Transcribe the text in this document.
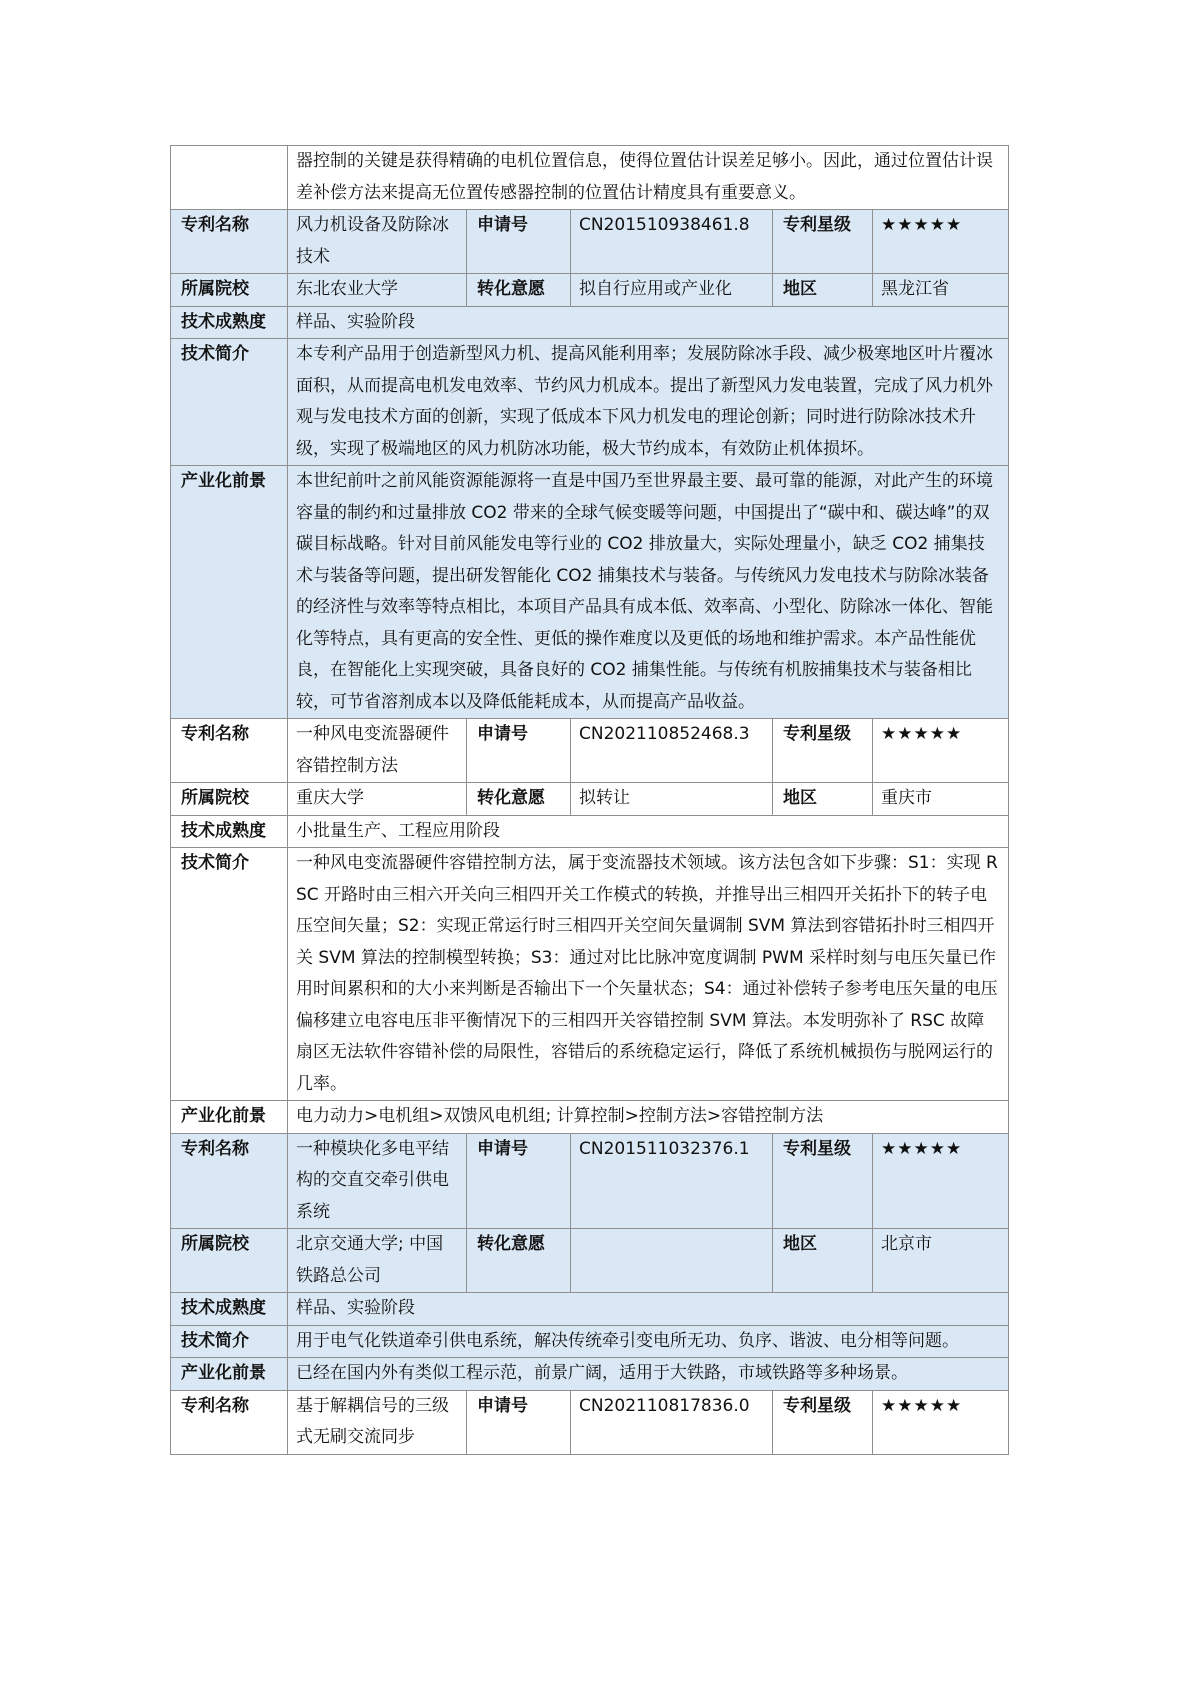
	器控制的关键是获得精确的电机位置信息，使得位置估计误差足够小。因此，通过位置估计误差补偿方法来提高无位置传感器控制的位置估计精度具有重要意义。				
专利名称	风力机设备及防除冰技术	申请号	CN201510938461.8	专利星级	★★★★★
所属院校	东北农业大学	转化意愿	拟自行应用或产业化	地区	黑龙江省
技术成熟度	样品、实验阶段				
技术简介	本专利产品用于创造新型风力机、提高风能利用率；发展防除冰手段、减少极寒地区叶片覆冰面积，从而提高电机发电效率、节约风力机成本。提出了新型风力发电装置，完成了风力机外观与发电技术方面的创新，实现了低成本下风力机发电的理论创新；同时进行防除冰技术升级，实现了极端地区的风力机防冰功能，极大节约成本，有效防止机体损坏。				
产业化前景	本世纪前叶之前风能资源能源将一直是中国乃至世界最主要、最可靠的能源，对此产生的环境容量的制约和过量排放 CO2 带来的全球气候变暖等问题，中国提出了“碳中和、碳达峰”的双碳目标战略。针对目前风能发电等行业的 CO2 排放量大，实际处理量小，缺乏 CO2 捕集技术与装备等问题，提出研发智能化 CO2 捕集技术与装备。与传统风力发电技术与防除冰装备的经济性与效率等特点相比，本项目产品具有成本低、效率高、小型化、防除冰一体化、智能化等特点，具有更高的安全性、更低的操作难度以及更低的场地和维护需求。本产品性能优良，在智能化上实现突破，具备良好的 CO2 捕集性能。与传统有机胺捕集技术与装备相比较，可节省溶剂成本以及降低能耗成本，从而提高产品收益。				
专利名称	一种风电变流器硬件容错控制方法	申请号	CN202110852468.3	专利星级	★★★★★
所属院校	重庆大学	转化意愿	拟转让	地区	重庆市
技术成熟度	小批量生产、工程应用阶段				
技术简介	一种风电变流器硬件容错控制方法，属于变流器技术领域。该方法包含如下步骤：S1：实现 RSC 开路时由三相六开关向三相四开关工作模式的转换，并推导出三相四开关拓扑下的转子电压空间矢量；S2：实现正常运行时三相四开关空间矢量调制 SVM 算法到容错拓扑时三相四开关 SVM 算法的控制模型转换；S3：通过对比比脉冲宽度调制 PWM 采样时刻与电压矢量已作用时间累积和的大小来判断是否输出下一个矢量状态；S4：通过补偿转子参考电压矢量的电压偏移建立电容电压非平衡情况下的三相四开关容错控制 SVM 算法。本发明弥补了 RSC 故障扇区无法软件容错补偿的局限性，容错后的系统稳定运行，降低了系统机械损伤与脱网运行的几率。				
产业化前景	电力动力>电机组>双馈风电机组; 计算控制>控制方法>容错控制方法				
专利名称	一种模块化多电平结构的交直交牵引供电系统	申请号	CN201511032376.1	专利星级	★★★★★
所属院校	北京交通大学; 中国铁路总公司	转化意愿		地区	北京市
技术成熟度	样品、实验阶段				
技术简介	用于电气化铁道牵引供电系统，解决传统牵引变电所无功、负序、谐波、电分相等问题。				
产业化前景	已经在国内外有类似工程示范，前景广阔，适用于大铁路，市域铁路等多种场景。				
专利名称	基于解耦信号的三级式无刷交流同步	申请号	CN202110817836.0	专利星级	★★★★★
